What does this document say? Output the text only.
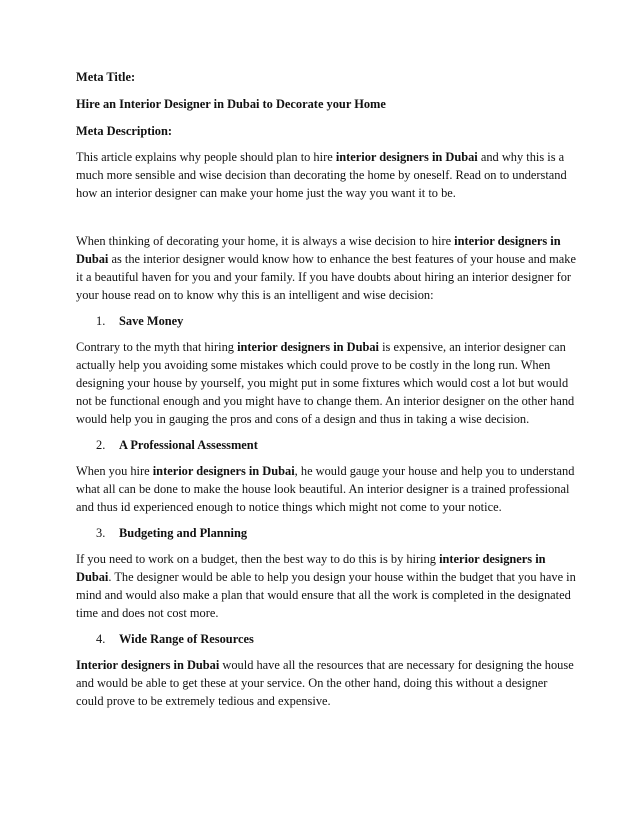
Meta Title:

Hire an Interior Designer in Dubai to Decorate your Home

Meta Description:

This article explains why people should plan to hire interior designers in Dubai and why this is a much more sensible and wise decision than decorating the home by oneself. Read on to understand how an interior designer can make your home just the way you want it to be.

When thinking of decorating your home, it is always a wise decision to hire interior designers in Dubai as the interior designer would know how to enhance the best features of your house and make it a beautiful haven for you and your family. If you have doubts about hiring an interior designer for your house read on to know why this is an intelligent and wise decision:

1.	Save Money

Contrary to the myth that hiring interior designers in Dubai is expensive, an interior designer can actually help you avoiding some mistakes which could prove to be costly in the long run. When designing your house by yourself, you might put in some fixtures which would cost a lot but would not be functional enough and you might have to change them. An interior designer on the other hand would help you in gauging the pros and cons of a design and thus in taking a wise decision.

2.	A Professional Assessment

When you hire interior designers in Dubai, he would gauge your house and help you to understand what all can be done to make the house look beautiful. An interior designer is a trained professional and thus id experienced enough to notice things which might not come to your notice.

3.	Budgeting and Planning

If you need to work on a budget, then the best way to do this is by hiring interior designers in Dubai. The designer would be able to help you design your house within the budget that you have in mind and would also make a plan that would ensure that all the work is completed in the designated time and does not cost more.

4.	Wide Range of Resources

Interior designers in Dubai would have all the resources that are necessary for designing the house and would be able to get these at your service. On the other hand, doing this without a designer could prove to be extremely tedious and expensive.
